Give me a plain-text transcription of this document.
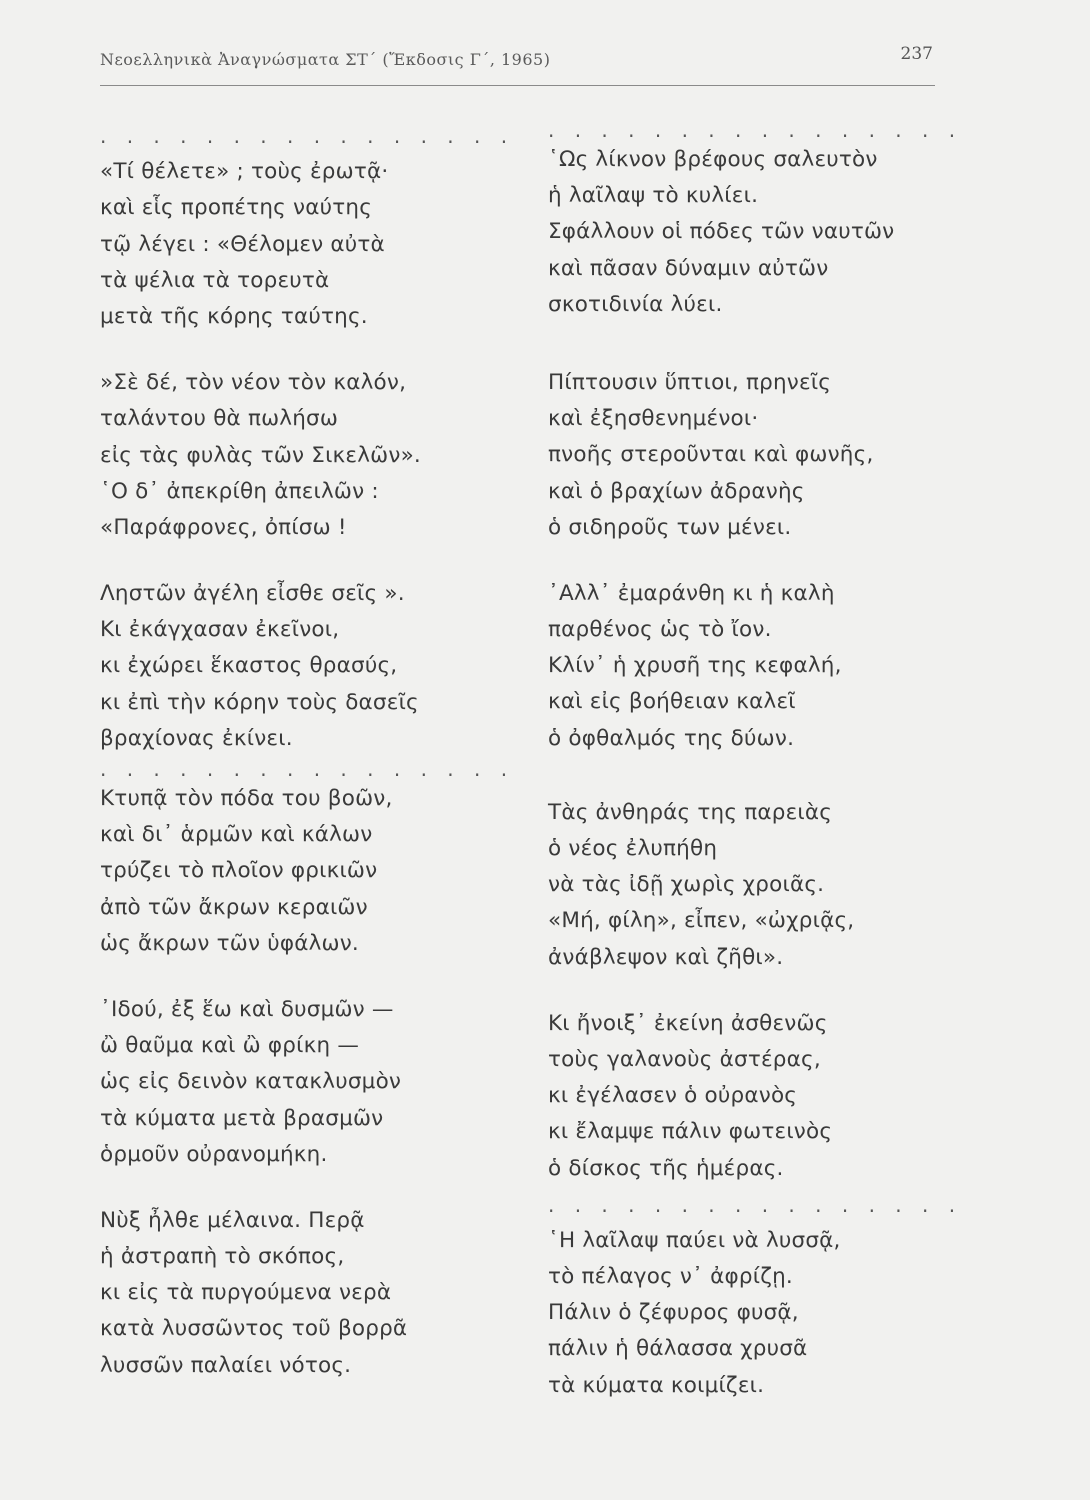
Νεοελληνικὰ Ἀναγνώσματα ΣΤ΄ (Ἔκδοσις Γ΄, 1965)	237
. . . . . . . . . . . . . . . .
«Τί θέλετε» ; τοὺς ἐρωτᾷ·
καὶ εἷς προπέτης ναύτης
τῷ λέγει : «Θέλομεν αὐτὰ
τὰ ψέλια τὰ τορευτὰ
μετὰ τῆς κόρης ταύτης.
»Σὲ δέ, τὸν νέον τὸν καλόν,
ταλάντου θὰ πωλήσω
εἰς τὰς φυλὰς τῶν Σικελῶν».
῾Ο δ᾽ ἀπεκρίθη ἀπειλῶν :
«Παράφρονες, ὀπίσω !
Ληστῶν ἀγέλη εἶσθε σεῖς ».
Κι ἐκάγχασαν ἐκεῖνοι,
κι ἐχώρει ἕκαστος θρασύς,
κι ἐπὶ τὴν κόρην τοὺς δασεῖς
βραχίονας ἐκίνει.
. . . . . . . . . . . . . . . .
Κτυπᾷ τὸν πόδα του βοῶν,
καὶ δι᾽ ἁρμῶν καὶ κάλων
τρύζει τὸ πλοῖον φρικιῶν
ἀπὸ τῶν ἄκρων κεραιῶν
ὡς ἄκρων τῶν ὑφάλων.
᾽Ιδού, ἐξ ἕω καὶ δυσμῶν —
ὢ θαῦμα καὶ ὢ φρίκη —
ὡς εἰς δεινὸν κατακλυσμὸν
τὰ κύματα μετὰ βρασμῶν
ὁρμοῦν οὐρανομήκη.
Νὺξ ἦλθε μέλαινα. Περᾷ
ἡ ἀστραπὴ τὸ σκόπος,
κι εἰς τὰ πυργούμενα νερὰ
κατὰ λυσσῶντος τοῦ βορρᾶ
λυσσῶν παλαίει νότος.
. . . . . . . . . . . . . . . .
῾Ως λίκνον βρέφους σαλευτὸν
ἡ λαῖλαψ τὸ κυλίει.
Σφάλλουν οἱ πόδες τῶν ναυτῶν
καὶ πᾶσαν δύναμιν αὐτῶν
σκοτιδινία λύει.
Πίπτουσιν ὕπτιοι, πρηνεῖς
καὶ ἐξησθενημένοι·
πνοῆς στεροῦνται καὶ φωνῆς,
καὶ ὁ βραχίων ἀδρανὴς
ὁ σιδηροῦς των μένει.
᾽Αλλ᾽ ἐμαράνθη κι ἡ καλὴ
παρθένος ὡς τὸ ἴον.
Κλίν᾽ ἡ χρυσῆ της κεφαλή,
καὶ εἰς βοήθειαν καλεῖ
ὁ ὀφθαλμός της δύων.
Τὰς ἀνθηράς της παρειὰς
ὁ νέος ἐλυπήθη
νὰ τὰς ἰδῇ χωρὶς χροιᾶς.
«Μή, φίλη», εἶπεν, «ὠχριᾷς,
ἀνάβλεψον καὶ ζῆθι».
Κι ἤνοιξ᾽ ἐκείνη ἀσθενῶς
τοὺς γαλανοὺς ἀστέρας,
κι ἐγέλασεν ὁ οὐρανὸς
κι ἔλαμψε πάλιν φωτεινὸς
ὁ δίσκος τῆς ἡμέρας.
. . . . . . . . . . . . . . . .
῾Η λαῖλαψ παύει νὰ λυσσᾷ,
τὸ πέλαγος ν᾽ ἀφρίζῃ.
Πάλιν ὁ ζέφυρος φυσᾷ,
πάλιν ἡ θάλασσα χρυσᾶ
τὰ κύματα κοιμίζει.
